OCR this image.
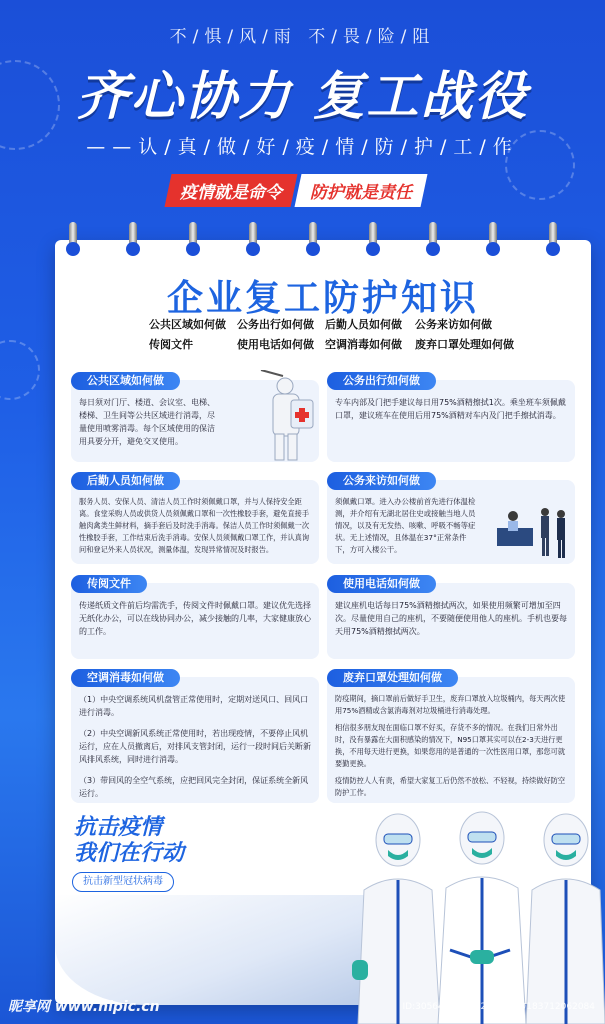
不/惧/风/雨 不/畏/险/阻
齐心协力 复工战役
——认/真/做/好/疫/情/防/护/工/作
疫情就是命令	防护就是责任
企业复工防护知识
公共区域如何做	公务出行如何做	后勤人员如何做	公务来访如何做
传阅文件	使用电话如何做	空调消毒如何做	废弃口罩处理如何做
公共区域如何做
每日须对门厅、楼道、会议室、电梯、楼梯、卫生间等公共区域进行消毒，尽量使用喷雾消毒。每个区域使用的保洁用具要分开，避免交叉使用。
公务出行如何做
专车内部及门把手建议每日用75%酒精擦拭1次。乘坐班车须佩戴口罩，建议班车在使用后用75%酒精对车内及门把手擦拭消毒。
后勤人员如何做
服务人员、安保人员、清洁人员工作时须佩戴口罩，并与人保持安全距离。食堂采购人员或供货人员须佩戴口罩和一次性橡胶手套，避免直接手触肉禽类生鲜材料，摘手套后及时洗手消毒。保洁人员工作时须佩戴一次性橡胶手套，工作结束后洗手消毒。安保人员须佩戴口罩工作，并认真询问和登记外来人员状况，测量体温，发现异常情况及时报告。
公务来访如何做
须佩戴口罩。进入办公楼前首先进行体温检测，并介绍有无湖北居住史或接触当地人员情况，以及有无发热、咳嗽、呼吸不畅等症状。无上述情况，且体温在37°正常条件下，方可入楼公干。
传阅文件
传递纸质文件前后均需洗手，传阅文件时佩戴口罩。建议优先选择无纸化办公，可以在线协同办公，减少接触的几率，大家健康放心的工作。
使用电话如何做
建议座机电话每日75%酒精擦拭两次，如果使用频繁可增加至四次。尽量使用自己的座机，不要随便使用他人的座机。手机也要每天用75%酒精擦拭两次。
空调消毒如何做

（1）中央空调系统风机盘管正常使用时，定期对送风口、回风口进行消毒。

（2）中央空调新风系统正常使用时，若出现疫情，不要停止风机运行，应在人员撤离后，对排风支管封闭，运行一段时间后关断新风排风系统，同时进行消毒。

（3）带回风的全空气系统，应把回风完全封闭，保证系统全新风运行。

废弃口罩处理如何做

防疫期间，摘口罩前后做好手卫生，废弃口罩放入垃圾桶内，每天两次使用75%酒精或含氯消毒剂对垃圾桶进行消毒处理。

相信很多朋友现在面临口罩不好买，存货不多的情况。在我们日常外出时，没有暴露在大面积感染的情况下，N95口罩其实可以在2-3天进行更换，不用每天进行更换，如果您用的是普通的一次性医用口罩，那您可就要勤更换。

疫情防控人人有责，希望大家复工后仍然不放松、不轻视，持续做好防空防护工作。

抗击疫情
我们在行动
抗击新型冠状病毒
昵享网 www.nipic.cn	ID:30564166 NO:20200820183712062084
